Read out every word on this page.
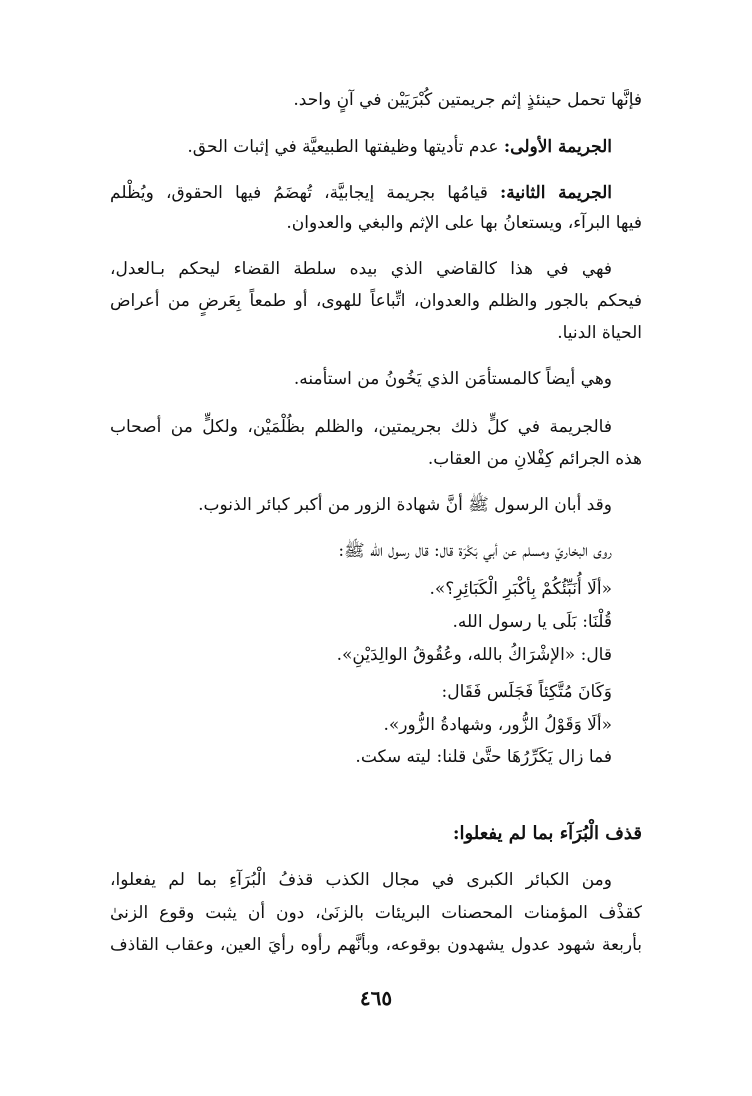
فإنَّها تحمل حينئذٍ إثم جريمتين كُبْرَيَيْن في آنٍ واحد.
الجريمة الأولى: عدم تأديتها وظيفتها الطبيعيَّة في إثبات الحق.
الجريمة الثانية: قيامُها بجريمة إيجابيَّة، تُهضَمُ فيها الحقوق، ويُظْلم
فيها البرآء، ويستعانُ بها على الإثم والبغي والعدوان.
فهي في هذا كالقاضي الذي بيده سلطة القضاء ليحكم بـالعدل،
فيحكم بالجور والظلم والعدوان، اتِّباعاً للهوى، أو طمعاً بِعَرضٍ من أعراض
الحياة الدنيا.
وهي أيضاً كالمستأمَن الذي يَخُونُ من استأمنه.
فالجريمة في كلٍّ ذلك بجريمتين، والظلم بظُلْمَيْن، ولكلٍّ من أصحاب
هذه الجرائم كِفْلانِ من العقاب.
وقد أبان الرسول ﷺ أنَّ شهادة الزور من أكبر كبائر الذنوب.
روى البخاريّ ومسلم عن أبي بَكْرَة قال: قال رسول الله ﷺ:
«ألَا أُنَبِّئُكُمْ بِأكْبَرِ الْكَبَائِرِ؟».
قُلْنَا: بَلَى يا رسول الله.
قال: «الإشْرَاكُ بالله، وعُقُوقُ الوالِدَيْنِ».
وَكَانَ مُتَّكِئاً فَجَلَس فَقَال:
«ألَا وَقَوْلُ الزُّور، وشهادةُ الزُّور».
فما زال يَكَرِّرُهَا حتَّىٰ قلنا: ليته سكت.
قذف الْبُرَآء بما لم يفعلوا:
ومن الكبائر الكبرى في مجال الكذب قذفُ الْبُرَآءِ بما لم يفعلوا،
كقذْف المؤمنات المحصنات البريئات بالزنَىٰ، دون أن يثبت وقوع الزنىٰ
بأربعة شهود عدول يشهدون بوقوعه، وبأنَّهم رأوه رأيَ العين، وعقاب القاذف
٤٦٥
